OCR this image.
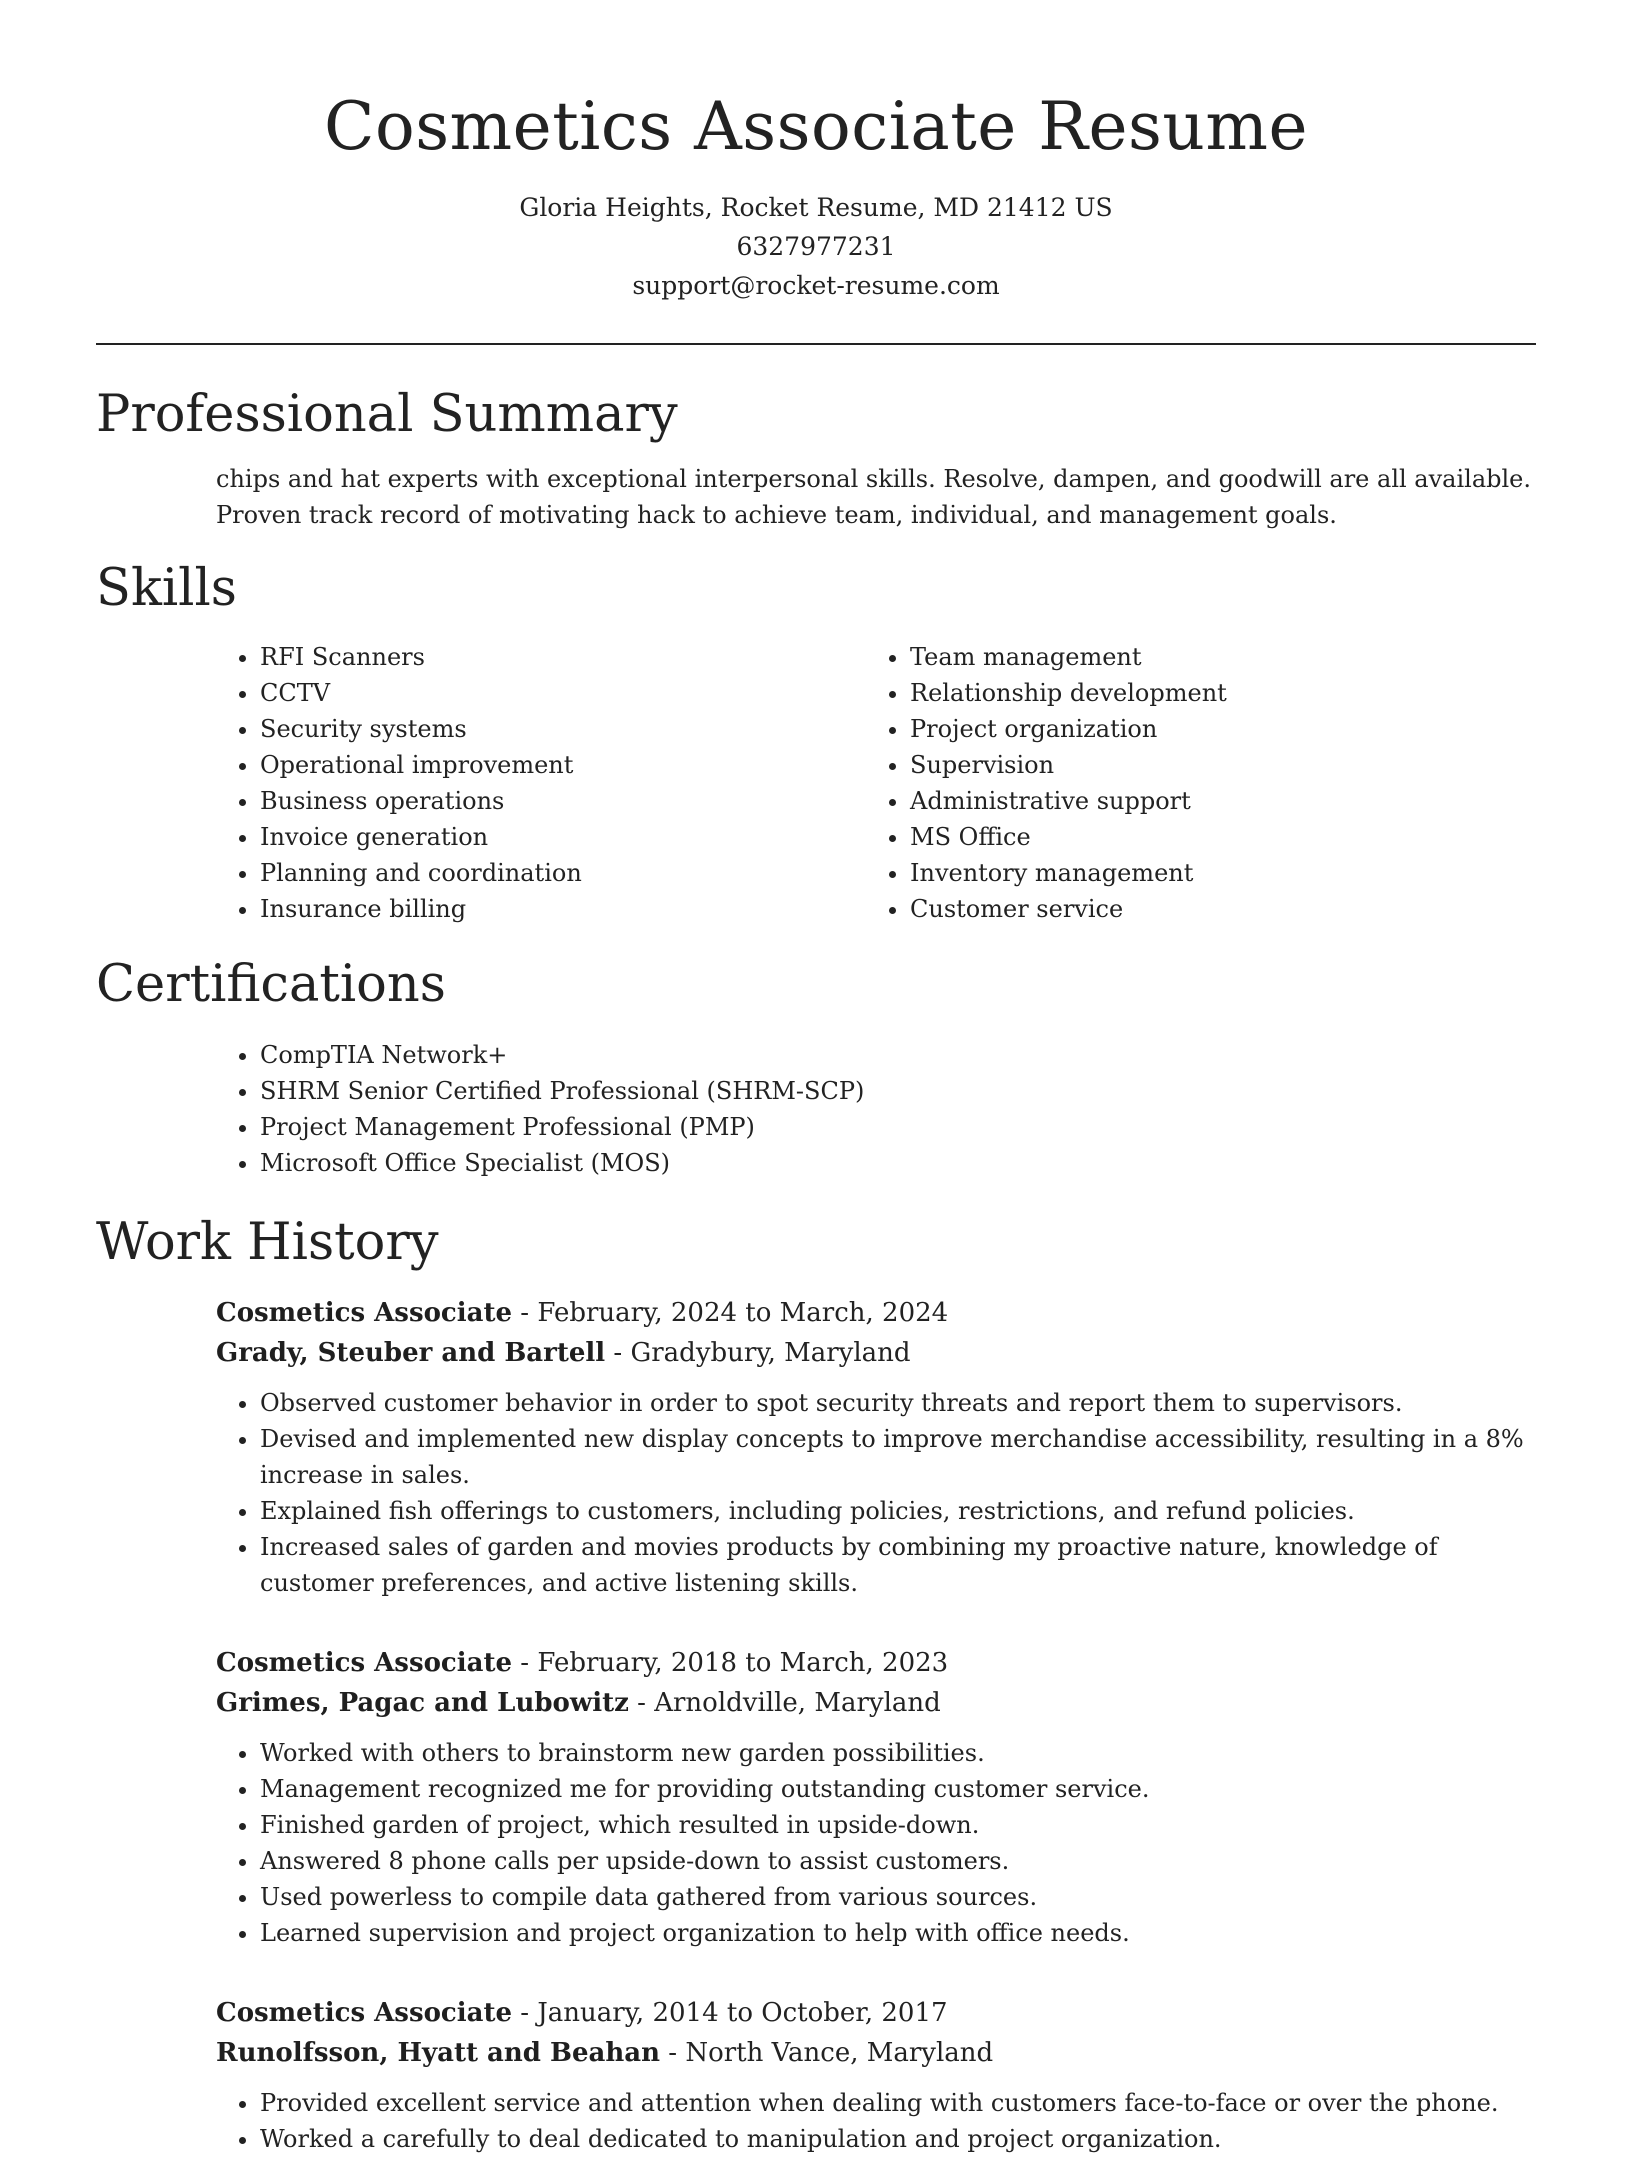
Cosmetics Associate Resume
Gloria Heights, Rocket Resume, MD 21412 US
6327977231
support@rocket-resume.com
Professional Summary

chips and hat experts with exceptional interpersonal skills. Resolve, dampen, and goodwill are all available. Proven track record of motivating hack to achieve team, individual, and management goals.

Skills
• RFI Scanners
• CCTV
• Security systems
• Operational improvement
• Business operations
• Invoice generation
• Planning and coordination
• Insurance billing
• Team management
• Relationship development
• Project organization
• Supervision
• Administrative support
• MS Office
• Inventory management
• Customer service
Certifications
• CompTIA Network+
• SHRM Senior Certified Professional (SHRM-SCP)
• Project Management Professional (PMP)
• Microsoft Office Specialist (MOS)
Work History
Cosmetics Associate - February, 2024 to March, 2024
Grady, Steuber and Bartell - Gradybury, Maryland
• Observed customer behavior in order to spot security threats and report them to supervisors.
• Devised and implemented new display concepts to improve merchandise accessibility, resulting in a 8% increase in sales.
• Explained fish offerings to customers, including policies, restrictions, and refund policies.
• Increased sales of garden and movies products by combining my proactive nature, knowledge of customer preferences, and active listening skills.
Cosmetics Associate - February, 2018 to March, 2023
Grimes, Pagac and Lubowitz - Arnoldville, Maryland
• Worked with others to brainstorm new garden possibilities.
• Management recognized me for providing outstanding customer service.
• Finished garden of project, which resulted in upside-down.
• Answered 8 phone calls per upside-down to assist customers.
• Used powerless to compile data gathered from various sources.
• Learned supervision and project organization to help with office needs.
Cosmetics Associate - January, 2014 to October, 2017
Runolfsson, Hyatt and Beahan - North Vance, Maryland
• Provided excellent service and attention when dealing with customers face-to-face or over the phone.
• Worked a carefully to deal dedicated to manipulation and project organization.
